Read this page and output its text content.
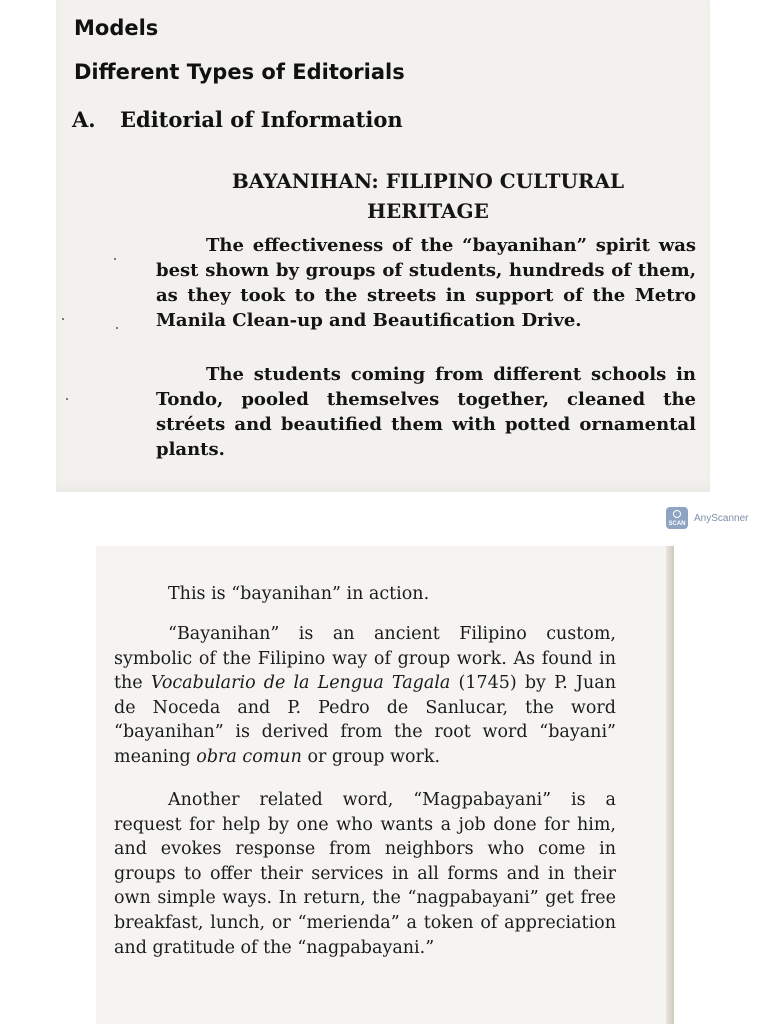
Models
Different Types of Editorials
A. Editorial of Information
BAYANIHAN: FILIPINO CULTURAL
HERITAGE

The effectiveness of the “bayanihan” spirit was best shown by groups of students, hundreds of them, as they took to the streets in support of the Metro Manila Clean-up and Beautification Drive.

The students coming from different schools in Tondo, pooled themselves together, cleaned the stréets and beautified them with potted ornamental plants.

SCAN
AnyScanner

This is “bayanihan” in action.

“Bayanihan” is an ancient Filipino custom, symbolic of the Filipino way of group work. As found in the Vocabulario de la Lengua Tagala (1745) by P. Juan de Noceda and P. Pedro de Sanlucar, the word “bayanihan” is derived from the root word “bayani” meaning obra comun or group work.

Another related word, “Magpabayani” is a request for help by one who wants a job done for him, and evokes response from neighbors who come in groups to offer their services in all forms and in their own simple ways. In return, the “nagpabayani” get free breakfast, lunch, or “merienda” a token of appreciation and gratitude of the “nagpabayani.”
